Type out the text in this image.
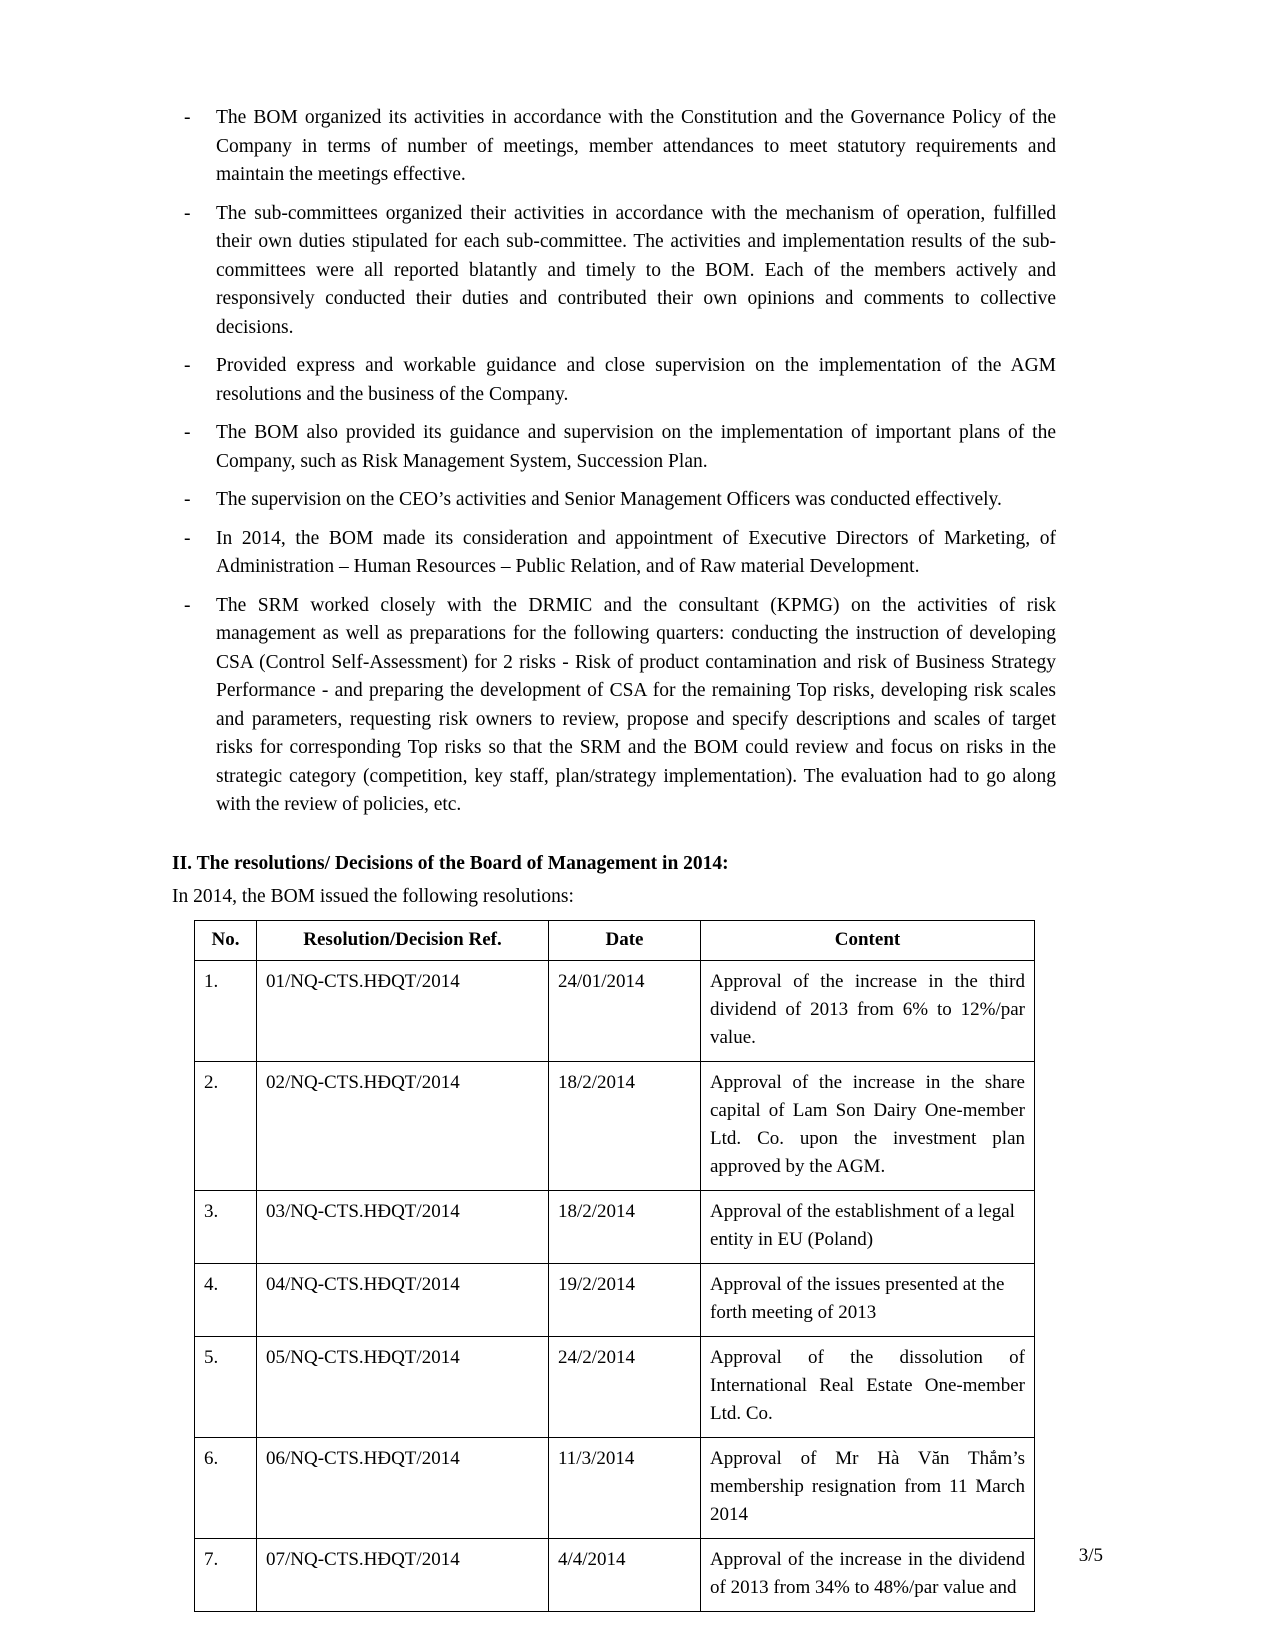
-	The BOM organized its activities in accordance with the Constitution and the Governance Policy of the Company in terms of number of meetings, member attendances to meet statutory requirements and maintain the meetings effective.
-	The sub-committees organized their activities in accordance with the mechanism of operation, fulfilled their own duties stipulated for each sub-committee. The activities and implementation results of the sub-committees were all reported blatantly and timely to the BOM. Each of the members actively and responsively conducted their duties and contributed their own opinions and comments to collective decisions.
-	Provided express and workable guidance and close supervision on the implementation of the AGM resolutions and the business of the Company.
-	The BOM also provided its guidance and supervision on the implementation of important plans of the Company, such as Risk Management System, Succession Plan.
-	The supervision on the CEO’s activities and Senior Management Officers was conducted effectively.
-	In 2014, the BOM made its consideration and appointment of Executive Directors of Marketing, of Administration – Human Resources – Public Relation, and of Raw material Development.
-	The SRM worked closely with the DRMIC and the consultant (KPMG) on the activities of risk management as well as preparations for the following quarters: conducting the instruction of developing CSA (Control Self-Assessment) for 2 risks - Risk of product contamination and risk of Business Strategy Performance - and preparing the development of CSA for the remaining Top risks, developing risk scales and parameters, requesting risk owners to review, propose and specify descriptions and scales of target risks for corresponding Top risks so that the SRM and the BOM could review and focus on risks in the strategic category (competition, key staff, plan/strategy implementation). The evaluation had to go along with the review of policies, etc.
II. The resolutions/ Decisions of the Board of Management in 2014:
In 2014, the BOM issued the following resolutions:
No.	Resolution/Decision Ref.	Date	Content
1.	01/NQ-CTS.HĐQT/2014	24/01/2014	Approval of the increase in the third dividend of 2013 from 6% to 12%/par value.
2.	02/NQ-CTS.HĐQT/2014	18/2/2014	Approval of the increase in the share capital of Lam Son Dairy One-member Ltd. Co. upon the investment plan approved by the AGM.
3.	03/NQ-CTS.HĐQT/2014	18/2/2014	Approval of the establishment of a legal entity in EU (Poland)
4.	04/NQ-CTS.HĐQT/2014	19/2/2014	Approval of the issues presented at the forth meeting of 2013
5.	05/NQ-CTS.HĐQT/2014	24/2/2014	Approval of the dissolution of International Real Estate One-member Ltd. Co.
6.	06/NQ-CTS.HĐQT/2014	11/3/2014	Approval of Mr Hà Văn Thắm’s membership resignation from 11 March 2014
7.	07/NQ-CTS.HĐQT/2014	4/4/2014	Approval of the increase in the dividend of 2013 from 34% to 48%/par value and
3/5
